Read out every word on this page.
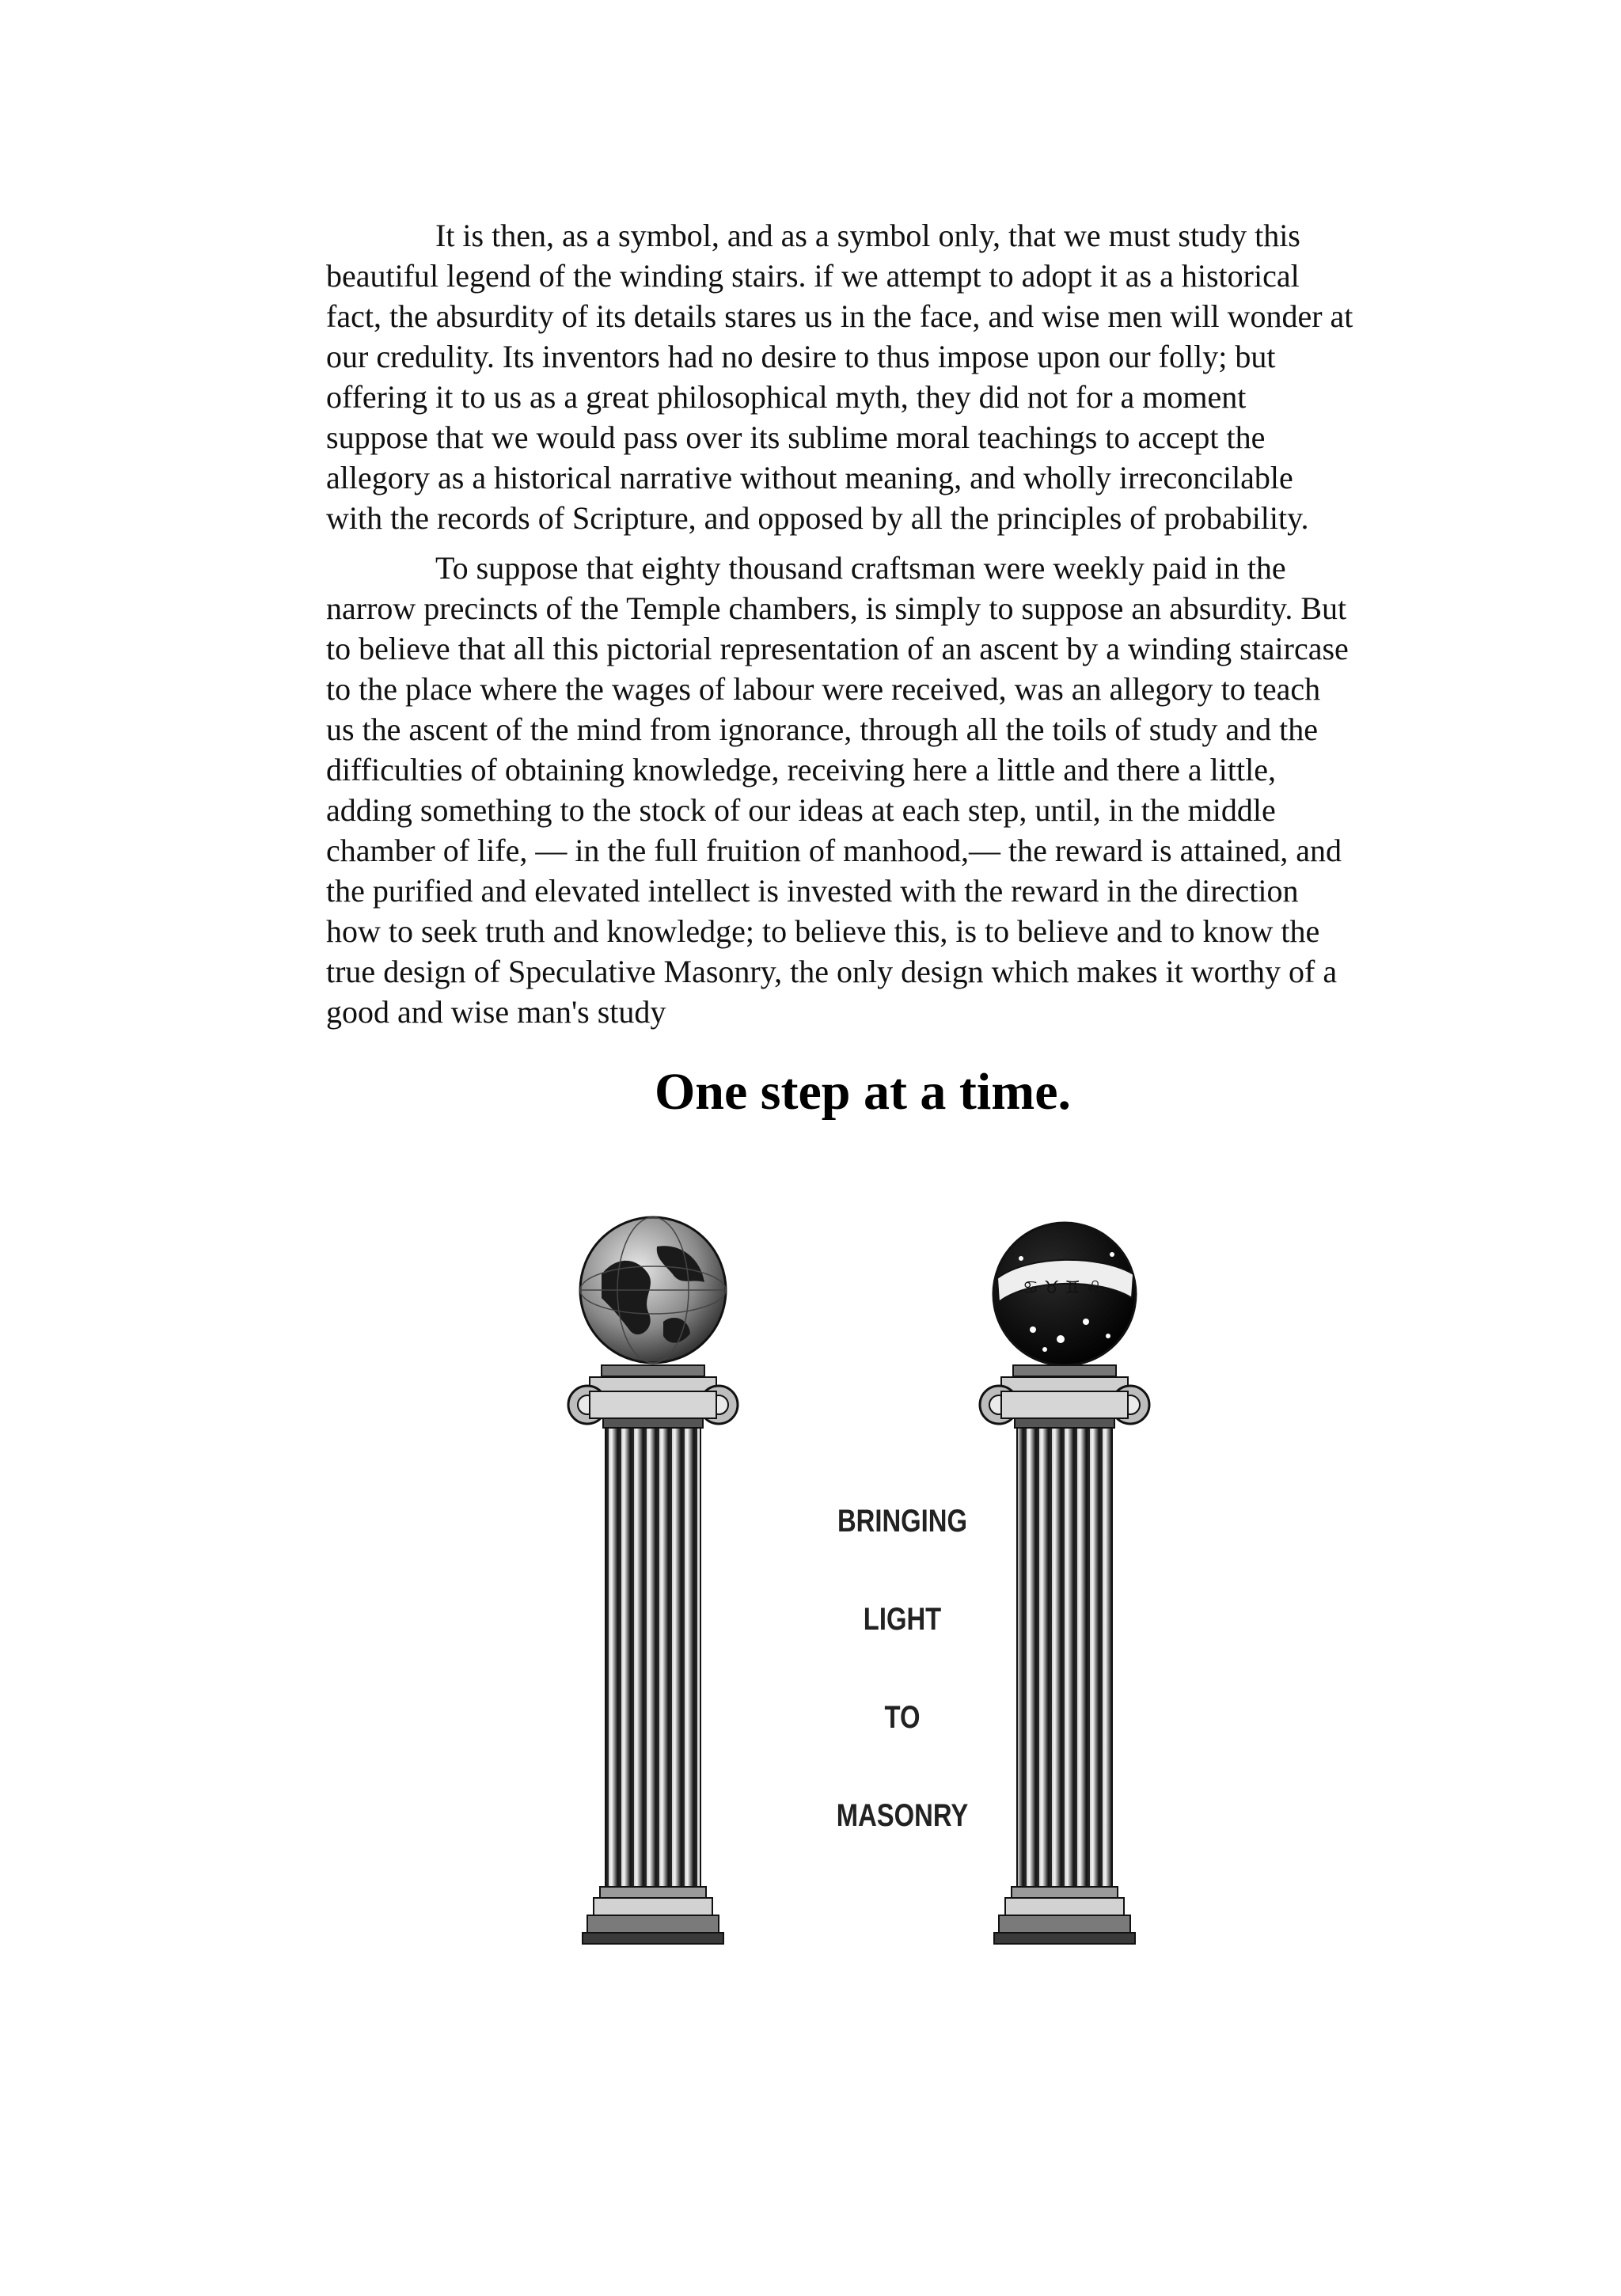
It is then, as a symbol, and as a symbol only, that we must study this
beautiful legend of the winding stairs. if we attempt to adopt it as a historical
fact, the absurdity of its details stares us in the face, and wise men will wonder at
our credulity. Its inventors had no desire to thus impose upon our folly; but
offering it to us as a great philosophical myth, they did not for a moment
suppose that we would pass over its sublime moral teachings to accept the
allegory as a historical narrative without meaning, and wholly irreconcilable
with the records of Scripture, and opposed by all the principles of probability.

To suppose that eighty thousand craftsman were weekly paid in the
narrow precincts of the Temple chambers, is simply to suppose an absurdity. But
to believe that all this pictorial representation of an ascent by a winding staircase
to the place where the wages of labour were received, was an allegory to teach
us the ascent of the mind from ignorance, through all the toils of study and the
difficulties of obtaining knowledge, receiving here a little and there a little,
adding something to the stock of our ideas at each step, until, in the middle
chamber of life, — in the full fruition of manhood,— the reward is attained, and
the purified and elevated intellect is invested with the reward in the direction
how to seek truth and knowledge; to believe this, is to believe and to know the
true design of Speculative Masonry, the only design which makes it worthy of a
good and wise man's study

One step at a time.
♋ ♉ ♊ ♌
BRINGING
LIGHT
TO
MASONRY
